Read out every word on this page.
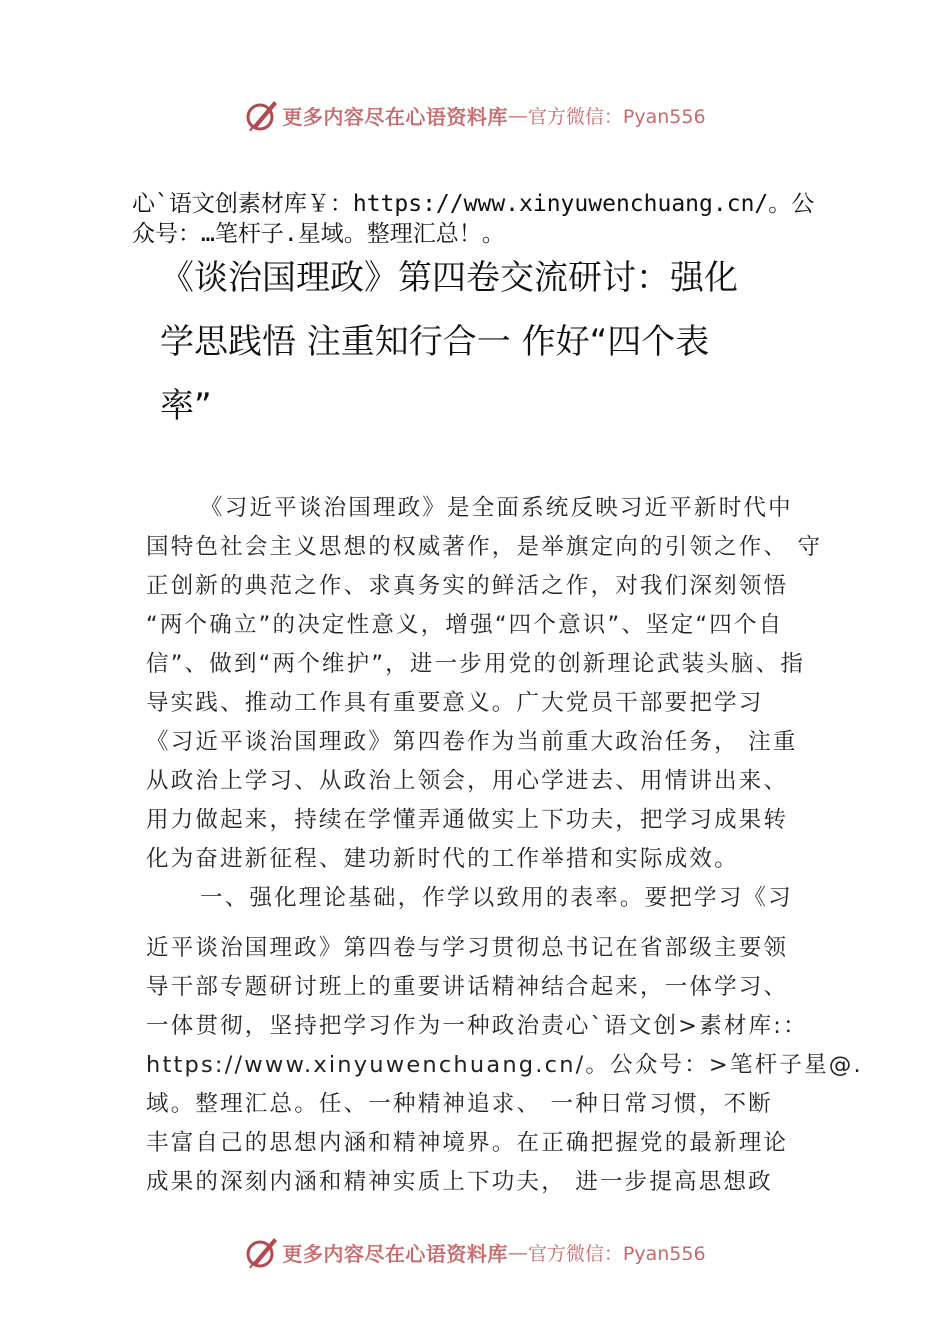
更多内容尽在心语资料库 — 官方微信：Pyan556
心`语文创素材库￥：https://www.xinyuwenchuang.cn/。公
众号：…笔杆子.星域。整理汇总！。
《谈治国理政》第四卷交流研讨：强化
学思践悟 注重知行合一 作好“四个表
率”
《习近平谈治国理政》是全面系统反映习近平新时代中
国特色社会主义思想的权威著作，是举旗定向的引领之作、 守
正创新的典范之作、求真务实的鲜活之作，对我们深刻领悟
“两个确立”的决定性意义，增强“四个意识”、坚定“四个自
信”、做到“两个维护”，进一步用党的创新理论武装头脑、指
导实践、推动工作具有重要意义。广大党员干部要把学习
《习近平谈治国理政》第四卷作为当前重大政治任务， 注重
从政治上学习、从政治上领会，用心学进去、用情讲出来、
用力做起来，持续在学懂弄通做实上下功夫，把学习成果转
化为奋进新征程、建功新时代的工作举措和实际成效。
一、强化理论基础，作学以致用的表率。要把学习《习
近平谈治国理政》第四卷与学习贯彻总书记在省部级主要领
导干部专题研讨班上的重要讲话精神结合起来，一体学习、
一体贯彻，坚持把学习作为一种政治责心`语文创>素材库:：
https://www.xinyuwenchuang.cn/。公众号：>笔杆子星@.
域。整理汇总。任、一种精神追求、 一种日常习惯，不断
丰富自己的思想内涵和精神境界。在正确把握党的最新理论
成果的深刻内涵和精神实质上下功夫， 进一步提高思想政
更多内容尽在心语资料库 — 官方微信：Pyan556
